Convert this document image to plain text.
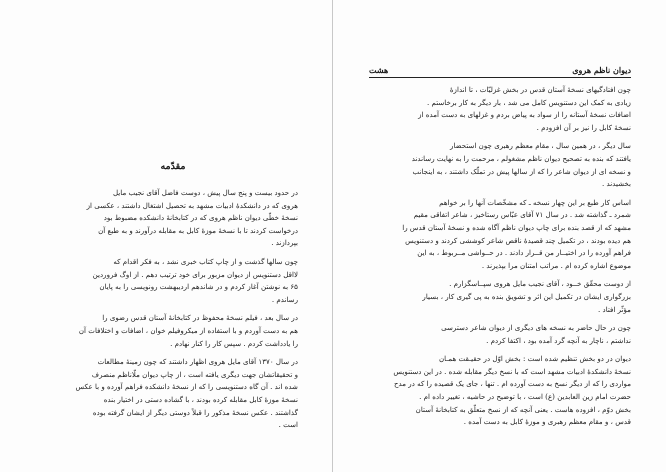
مقدّمه
در حدود بیست و پنج سال پیش ، دوست فاضل آقای نجیب مایل
هروی که در دانشکدهٔ ادبیات مشهد به تحصیل اشتغال داشتند ، عکسی از
نسخهٔ خطّی دیوان ناظم هروی که در کتابخانهٔ دانشکده مضبوط بود
درخواست کردند تا با نسخهٔ موزهٔ کابل به مقابله درآورند و به طبع آن
بپردازند .
چون سالها گذشت و از چاپ کتاب خبری نشد ، به فکر اقدام که
لااقل دستنویس از دیوان مزبور برای خود ترتیب دهم . از اوگ فروردین
۶۵ به نوشتن آغاز کردم و در شاندهم اردیبهشت رونویسی را به پایان
رساندم .
در سال بعد ، فیلم نسخهٔ محفوظ در کتابخانهٔ آستان قدس رضوی را
هم به دست آوردم و با استفاده از میکروفیلم خوان ، اضافات و اختلافات آن
را یادداشت کردم . سپس کار را کنار نهادم .
در سال ۱۳۷۰ آقای مایل هروی اظهار داشتند که چون زمینهٔ مطالعات
و تحقیقاتشان جهت دیگری یافته است ، از چاپ دیوان ملّاناظم منصرف
شده اند . آن گاه دستنویسی را که از نسخهٔ دانشکده فراهم آورده و با عکس
نسخهٔ موزهٔ کابل مقابله کرده بودند ، با گشاده دستی در اختیار بنده
گذاشتند . عکس نسخهٔ مذکور را قبلاً دوستی دیگر از ایشان گرفته بوده
است .
دیوان ناظم هروی
هشت
چون افتادگیهای نسخهٔ آستان قدس در بخش غزلیّات ، تا اندازهٔ
زیادی به کمک این دستنویس کامل می شد ، بار دیگر به کار برخاستم .
اضافات نسخهٔ آستانه را از سواد به پیاض بردم و غزلهای به دست آمده از
نسخهٔ کابل را نیز بر آن افزودم .
سال دیگر ، در همین سال ، مقام معظم رهبری چون استحضار
یافتند که بنده به تصحیح دیوان ناظم مشغولم ، مرحمت را به نهایت رساندند
و نسخه ای از دیوان شاعر را که از سالها پیش در تملّک داشتند ، به اینجانب
بخشیدند .
اساس کار طبع بر این چهار نسخه ـ که مشخّصات آنها را بر خواهم
شمرد ـ گذاشته شد . در سال ۷۱ آقای عبّاس رستاخیز ، شاعر اتفاقی مقیم
مشهد که از قصد بنده برای چاپ دیوان ناظم آگاه شده و نسخهٔ آستان قدس را
هم دیده بودند ، در تکمیل چند قصیدهٔ ناقص شاعر کوششی کردند و دستنویس
فراهم آورده را در اختیــار من قــرار دادند . در حــواشی مــربوط ، به این
موضوع اشاره کرده ام . مراتب امتنان مرا بپذیرند .
از دوست محقّق خــود ، آقای نجیب مایل هروی سپــاسگزارم .
بزرگواری ایشان در تکمیل این اثر و تشویق بنده به پی گیری کار ، بسیار
مؤثّر افتاد .
چون در حال حاضر به نسخه های دیگری از دیوان شاعر دسترسی
نداشتم ، ناچار به آنچه گرد آمده بود ، اکتفا کردم .
دیوان در دو بخش تنظیم شده است : بخش اوّل در حقیـقت همـان
نسخهٔ دانشکدهٔ ادبیات مشهد است که با نسخ دیگر مقابله شده . در این دستنویس
مواردی را که از دیگر نسخ به دست آورده ام . تنها ، جای یک قصیده را که در مدح
حضرت امام زین العابدین (ع) است ، با توضیح در حاشیه ، تغییر داده ام .
بخش دوّم ، افزوده هاست . یعنی آنچه که از نسخ متعلّق به کتابخانهٔ آستان
قدس ، و مقام معظم رهبری و موزهٔ کابل به دست آمده .
